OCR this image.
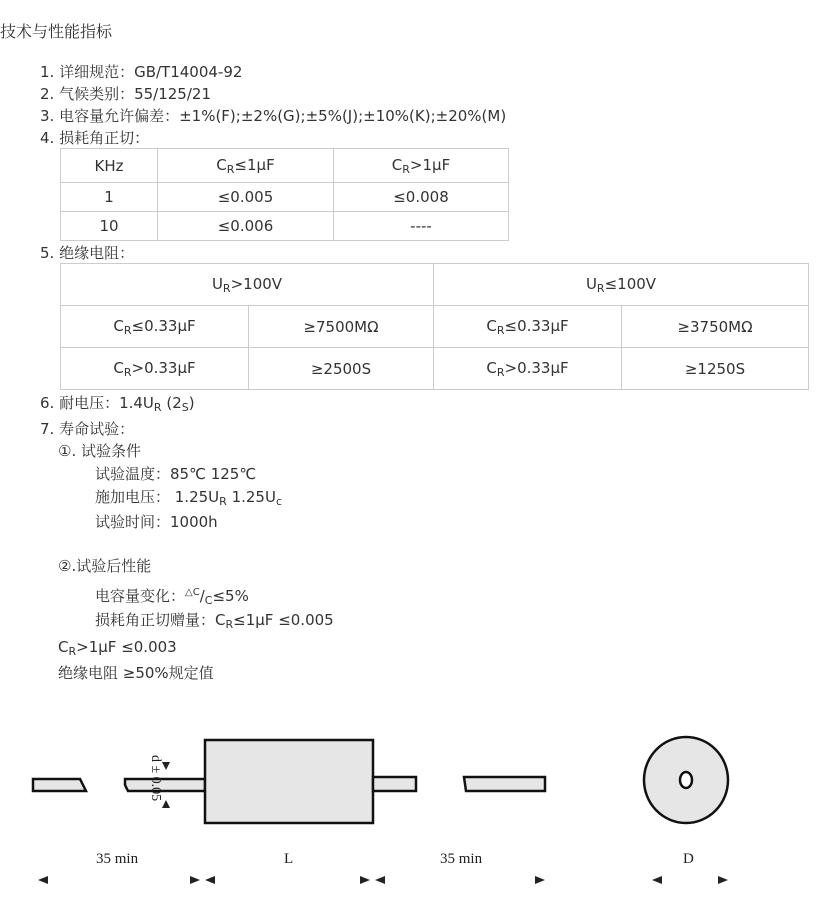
技术与性能指标
1. 详细规范：GB/T14004-92
2. 气候类别：55/125/21
3. 电容量允许偏差：±1%(F);±2%(G);±5%(J);±10%(K);±20%(M)
4. 损耗角正切：
KHz	$C_R\le 1\mu F$	$C_R>1\mu F$
1	≤0.005	≤0.008
10	≤0.006	----
5. 绝缘电阻：
$U_R>100V$		$U_R\le 100V$	
$C_R\le 0.33\mu F$	≥7500MΩ	$C_R\le 0.33\mu F$	≥3750MΩ
$C_R>0.33\mu F$	≥2500S	$C_R>0.33\mu F$	≥1250S
6. 耐电压：$1.4U_R$ $(2_S)$
7. 寿命试验：
①. 试验条件
试验温度：85℃ 125℃
施加电压： $1.25U_R$ $1.25U_c$
试验时间：1000h
②.试验后性能
电容量变化：$^{\triangle C}/_C\le 5\%$
损耗角正切赠量：$C_R\le 1\mu F \le 0.005$
$C_R>1\mu F \le 0.003$
绝缘电阻 ≥50%规定值
d ± 0.05
35 min	L	35 min	D
